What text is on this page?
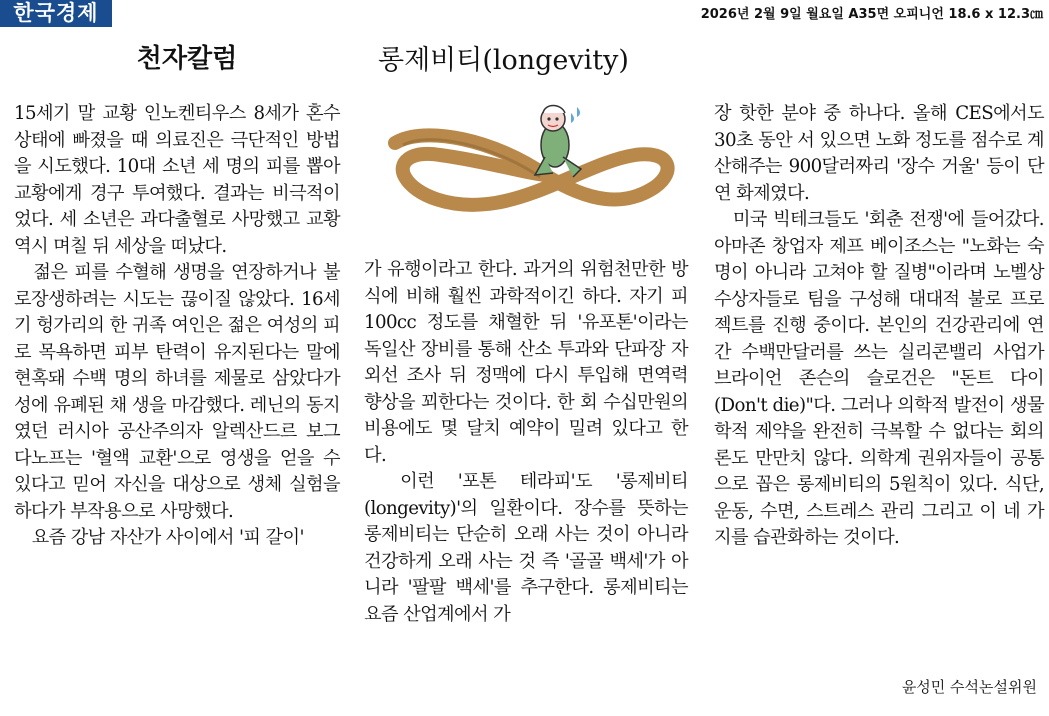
한국경제	2026년 2월 9일 월요일 A35면 오피니언 18.6 x 12.3㎝
천자칼럼	롱제비티(longevity)

15세기 말 교황 인노켄티우스 8세가 혼수상태에 빠졌을 때 의료진은 극단적인 방법을 시도했다. 10대 소년 세 명의 피를 뽑아 교황에게 경구 투여했다. 결과는 비극적이었다. 세 소년은 과다출혈로 사망했고 교황 역시 며칠 뒤 세상을 떠났다.
　젊은 피를 수혈해 생명을 연장하거나 불로장생하려는 시도는 끊이질 않았다. 16세기 헝가리의 한 귀족 여인은 젊은 여성의 피로 목욕하면 피부 탄력이 유지된다는 말에 현혹돼 수백 명의 하녀를 제물로 삼았다가 성에 유폐된 채 생을 마감했다. 레닌의 동지였던 러시아 공산주의자 알렉산드르 보그다노프는 '혈액 교환'으로 영생을 얻을 수 있다고 믿어 자신을 대상으로 생체 실험을 하다가 부작용으로 사망했다.
　요즘 강남 자산가 사이에서 '피 갈이'

가 유행이라고 한다. 과거의 위험천만한 방식에 비해 훨씬 과학적이긴 하다. 자기 피 100cc 정도를 채혈한 뒤 '유포톤'이라는 독일산 장비를 통해 산소 투과와 단파장 자외선 조사 뒤 정맥에 다시 투입해 면역력 향상을 꾀한다는 것이다. 한 회 수십만원의 비용에도 몇 달치 예약이 밀려 있다고 한다.
　이런 '포톤 테라피'도 '롱제비티(longevity)'의 일환이다. 장수를 뜻하는 롱제비티는 단순히 오래 사는 것이 아니라 건강하게 오래 사는 것 즉 '골골 백세'가 아니라 '팔팔 백세'를 추구한다. 롱제비티는 요즘 산업계에서 가

장 핫한 분야 중 하나다. 올해 CES에서도 30초 동안 서 있으면 노화 정도를 점수로 계산해주는 900달러짜리 '장수 거울' 등이 단연 화제였다.
　미국 빅테크들도 '회춘 전쟁'에 들어갔다. 아마존 창업자 제프 베이조스는 "노화는 숙명이 아니라 고쳐야 할 질병"이라며 노벨상 수상자들로 팀을 구성해 대대적 불로 프로젝트를 진행 중이다. 본인의 건강관리에 연간 수백만달러를 쓰는 실리콘밸리 사업가 브라이언 존슨의 슬로건은 "돈트 다이(Don't die)"다. 그러나 의학적 발전이 생물학적 제약을 완전히 극복할 수 없다는 회의론도 만만치 않다. 의학계 권위자들이 공통으로 꼽은 롱제비티의 5원칙이 있다. 식단, 운동, 수면, 스트레스 관리 그리고 이 네 가지를 습관화하는 것이다.

윤성민 수석논설위원
